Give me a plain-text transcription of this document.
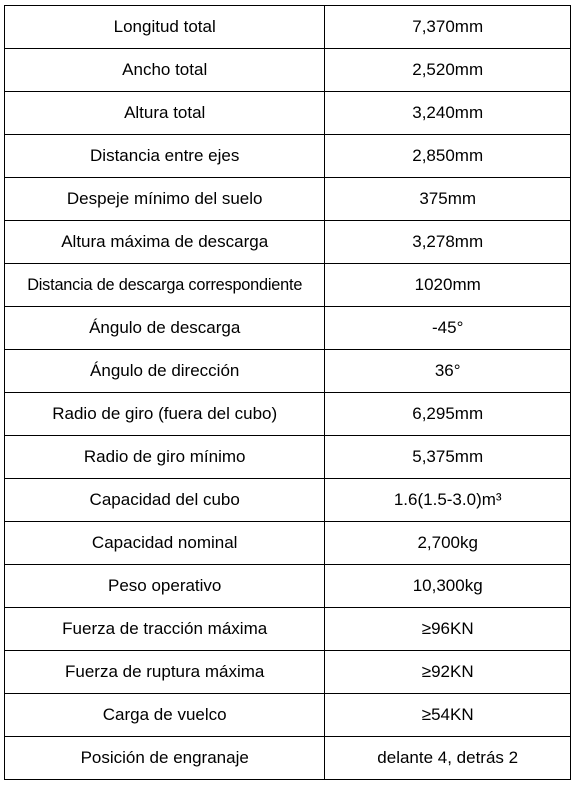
Longitud total	7,370mm
Ancho total	2,520mm
Altura total	3,240mm
Distancia entre ejes	2,850mm
Despeje mínimo del suelo	375mm
Altura máxima de descarga	3,278mm
Distancia de descarga correspondiente	1020mm
Ángulo de descarga	-45°
Ángulo de dirección	36°
Radio de giro (fuera del cubo)	6,295mm
Radio de giro mínimo	5,375mm
Capacidad del cubo	1.6(1.5-3.0)m³
Capacidad nominal	2,700kg
Peso operativo	10,300kg
Fuerza de tracción máxima	≥96KN
Fuerza de ruptura máxima	≥92KN
Carga de vuelco	≥54KN
Posición de engranaje	delante 4, detrás 2
